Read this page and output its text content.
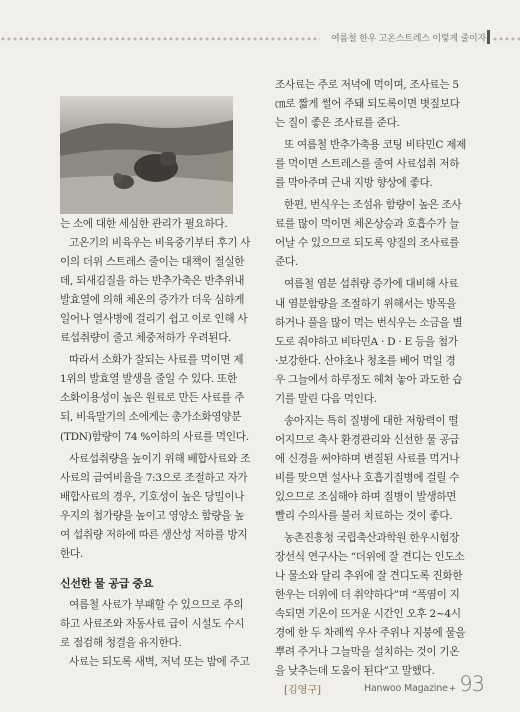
여름철 한우 고온스트레스 이렇게 줄이자

는 소에 대한 세심한 관리가 필요하다.

고온기의 비육우는 비육중기부터 후기 사
이의 더위 스트레스 줄이는 대책이 절실한
데, 되새김질을 하는 반추가축은 반추위내
발효열에 의해 체온의 증가가 더욱 심하게
일어나 열사병에 걸리기 쉽고 이로 인해 사
료섭취량이 줄고 체중저하가 우려된다.

따라서 소화가 잘되는 사료를 먹이면 제
1위의 발효열 발생을 줄일 수 있다. 또한
소화이용성이 높은 원료로 만든 사료를 주
되, 비육말기의 소에게는 총가소화영양분
(TDN)함량이 74 %이하의 사료를 먹인다.

사료섭취량을 높이기 위해 배합사료와 조
사료의 급여비율을 7:3으로 조절하고 자가
배합사료의 경우, 기호성이 높은 당밀이나
우지의 첨가량을 높이고 영양소 함량을 높
여 섭취량 저하에 따른 생산성 저하를 방지
한다.

신선한 물 공급 중요

여름철 사료가 부패할 수 있으므로 주의
하고 사료조와 자동사료 급이 시설도 수시
로 점검해 청결을 유지한다.

사료는 되도록 새벽, 저녁 또는 밤에 주고

조사료는 주로 저녁에 먹이며, 조사료는 5
㎝로 짧게 썰어 주돼 되도록이면 볏짚보다
는 질이 좋은 조사료를 준다.

또 여름철 반추가축용 코팅 비타민C 제제
를 먹이면 스트레스를 줄여 사료섭취 저하
를 막아주며 근내 지방 향상에 좋다.

한편, 번식우는 조섬유 함량이 높은 조사
료를 많이 먹이면 체온상승과 호흡수가 늘
어날 수 있으므로 되도록 양질의 조사료를
준다.

여름철 염분 섭취량 증가에 대비해 사료
내 염분함량을 조절하기 위해서는 방목을
하거나 풀을 많이 먹는 번식우는 소금을 별
도로 줘야하고 비타민A · D · E 등을 첨가
·보강한다. 산야초나 청초를 베어 먹일 경
우 그늘에서 하루정도 헤쳐 놓아 과도한 습
기를 말린 다음 먹인다.

송아지는 특히 질병에 대한 저항력이 떨
어지므로 축사 환경관리와 신선한 물 공급
에 신경을 써야하며 변질된 사료를 먹거나
비를 맞으면 설사나 호흡기질병에 걸릴 수
있으므로 조심해야 하며 질병이 발생하면
빨리 수의사를 불러 치료하는 것이 좋다.

농촌진흥청 국립축산과학원 한우시험장
장선식 연구사는 “더위에 잘 견디는 인도소
나 물소와 달리 추위에 잘 견디도록 진화한
한우는 더위에 더 취약하다”며 “폭염이 지
속되면 기온이 뜨거운 시간인 오후 2~4시
경에 한 두 차례씩 우사 주위나 지붕에 물을
뿌려 주거나 그늘막을 설치하는 것이 기온
을 낮추는데 도움이 된다”고 말했다.

[김영구]	Hanwoo Magazine + 93
